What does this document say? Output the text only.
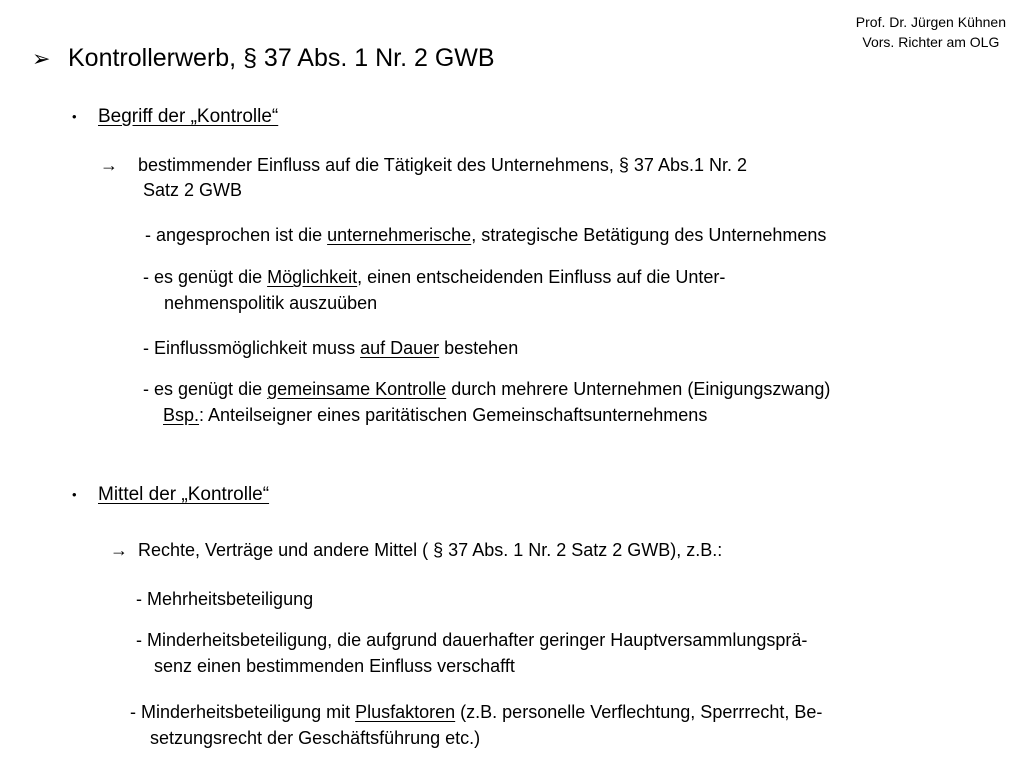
Prof. Dr. Jürgen Kühnen
Vors. Richter am OLG
➢ Kontrollerwerb, § 37 Abs. 1 Nr. 2 GWB
• Begriff der „Kontrolle“
→ bestimmender Einfluss auf die Tätigkeit des Unternehmens, § 37 Abs.1 Nr. 2
Satz 2 GWB
- angesprochen ist die unternehmerische, strategische Betätigung des Unternehmens
- es genügt die Möglichkeit, einen entscheidenden Einfluss auf die Unter-
nehmenspolitik auszuüben
- Einflussmöglichkeit muss auf Dauer bestehen
- es genügt die gemeinsame Kontrolle durch mehrere Unternehmen (Einigungszwang)
Bsp.: Anteilseigner eines paritätischen Gemeinschaftsunternehmens
• Mittel der „Kontrolle“
→ Rechte, Verträge und andere Mittel ( § 37 Abs. 1 Nr. 2 Satz 2 GWB), z.B.:
- Mehrheitsbeteiligung
- Minderheitsbeteiligung, die aufgrund dauerhafter geringer Hauptversammlungsprä-
senz einen bestimmenden Einfluss verschafft
- Minderheitsbeteiligung mit Plusfaktoren (z.B. personelle Verflechtung, Sperrrecht, Be-
setzungsrecht der Geschäftsführung etc.)
